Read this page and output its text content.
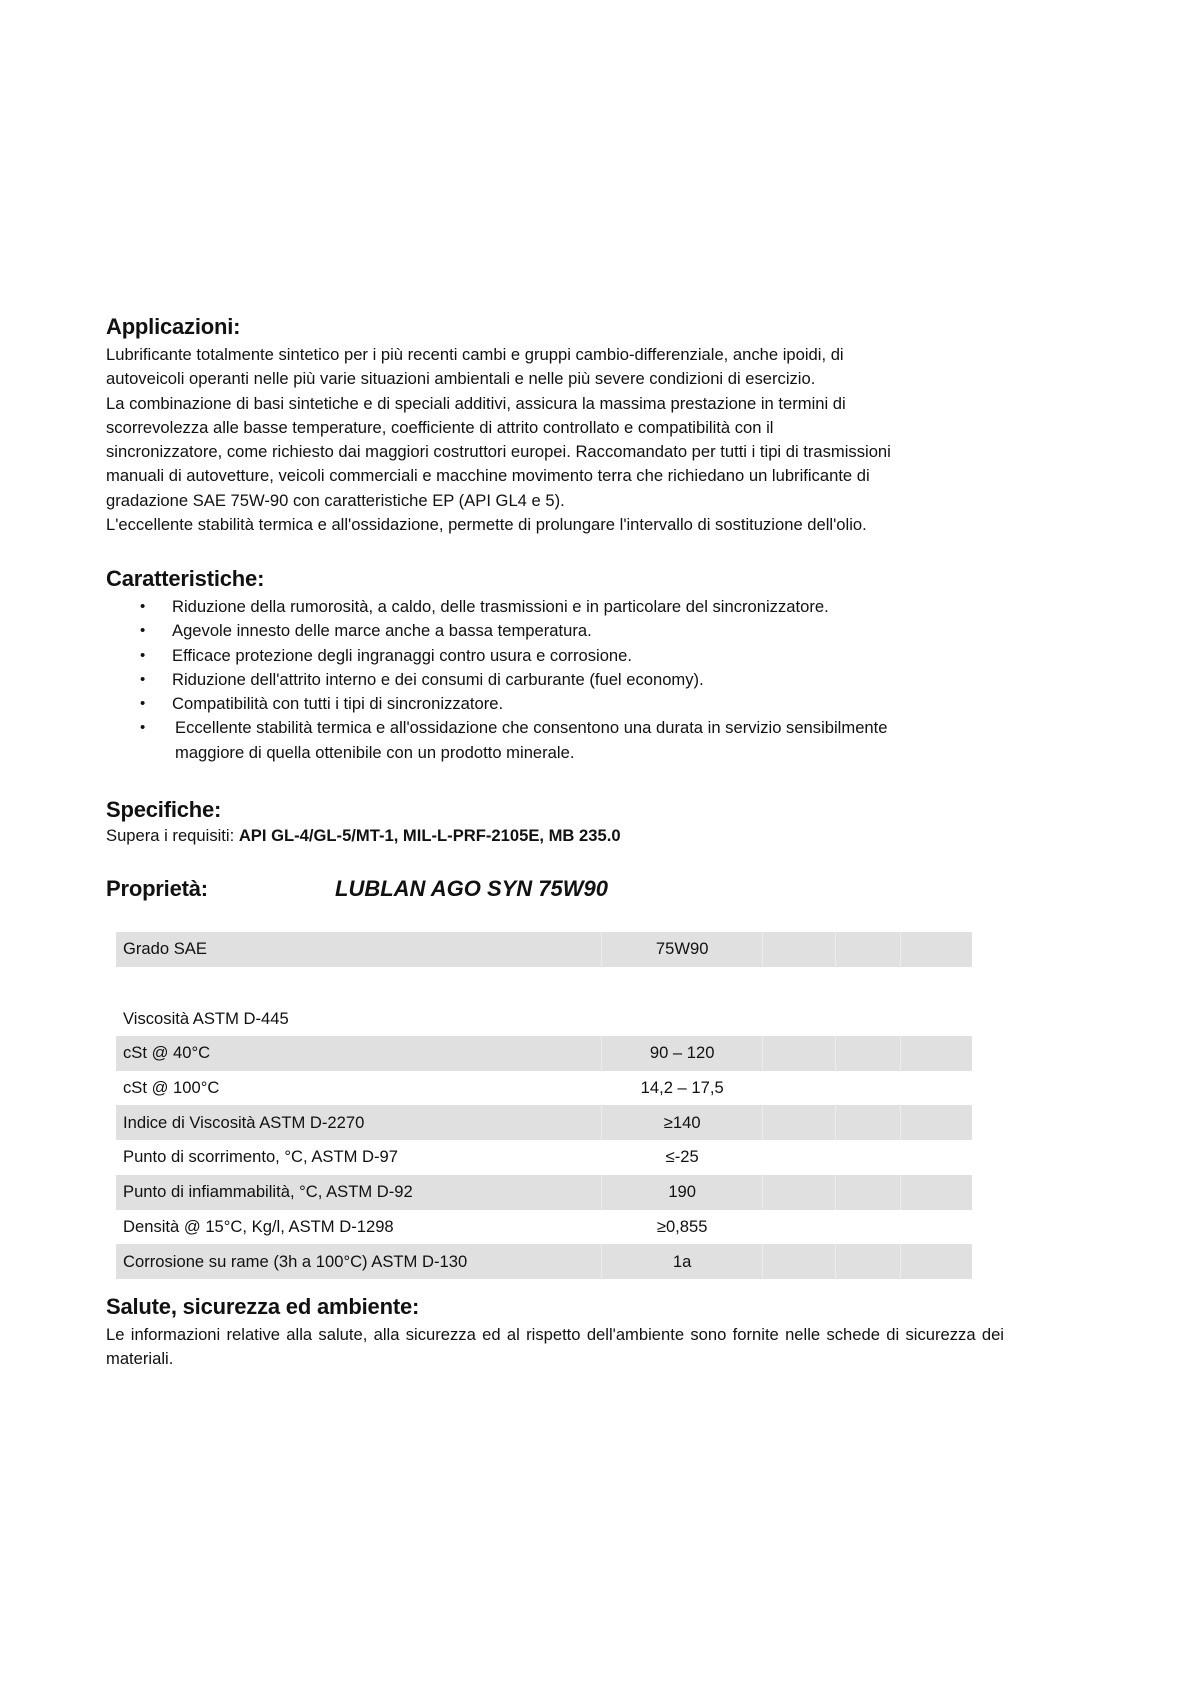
Applicazioni:

Lubrificante totalmente sintetico per i più recenti cambi e gruppi cambio-differenziale, anche ipoidi, di

autoveicoli operanti nelle più varie situazioni ambientali e nelle più severe condizioni di esercizio.

La combinazione di basi sintetiche e di speciali additivi, assicura la massima prestazione in termini di

scorrevolezza alle basse temperature, coefficiente di attrito controllato e compatibilità con il

sincronizzatore, come richiesto dai maggiori costruttori europei. Raccomandato per tutti i tipi di trasmissioni

manuali di autovetture, veicoli commerciali e macchine movimento terra che richiedano un lubrificante di

gradazione SAE 75W-90 con caratteristiche EP (API GL4 e 5).

L'eccellente stabilità termica e all'ossidazione, permette di prolungare l'intervallo di sostituzione dell'olio.

Caratteristiche:
• Riduzione della rumorosità, a caldo, delle trasmissioni e in particolare del sincronizzatore.
• Agevole innesto delle marce anche a bassa temperatura.
• Efficace protezione degli ingranaggi contro usura e corrosione.
• Riduzione dell'attrito interno e dei consumi di carburante (fuel economy).
• Compatibilità con tutti i tipi di sincronizzatore.
• Eccellente stabilità termica e all'ossidazione che consentono una durata in servizio sensibilmente
maggiore di quella ottenibile con un prodotto minerale.
Specifiche:
Supera i requisiti: API GL-4/GL-5/MT-1, MIL-L-PRF-2105E, MB 235.0
Proprietà:	LUBLAN AGO SYN 75W90
Grado SAE	75W90			

Viscosità ASTM D-445				
cSt @ 40°C	90 – 120			
cSt @ 100°C	14,2 – 17,5			
Indice di Viscosità ASTM D-2270	≥140			
Punto di scorrimento, °C, ASTM D-97	≤-25			
Punto di infiammabilità, °C, ASTM D-92	190			
Densità @ 15°C, Kg/l, ASTM D-1298	≥0,855			
Corrosione su rame (3h a 100°C) ASTM D-130	1a			
Salute, sicurezza ed ambiente:
Le informazioni relative alla salute, alla sicurezza ed al rispetto dell'ambiente sono fornite nelle schede di sicurezza dei materiali.
